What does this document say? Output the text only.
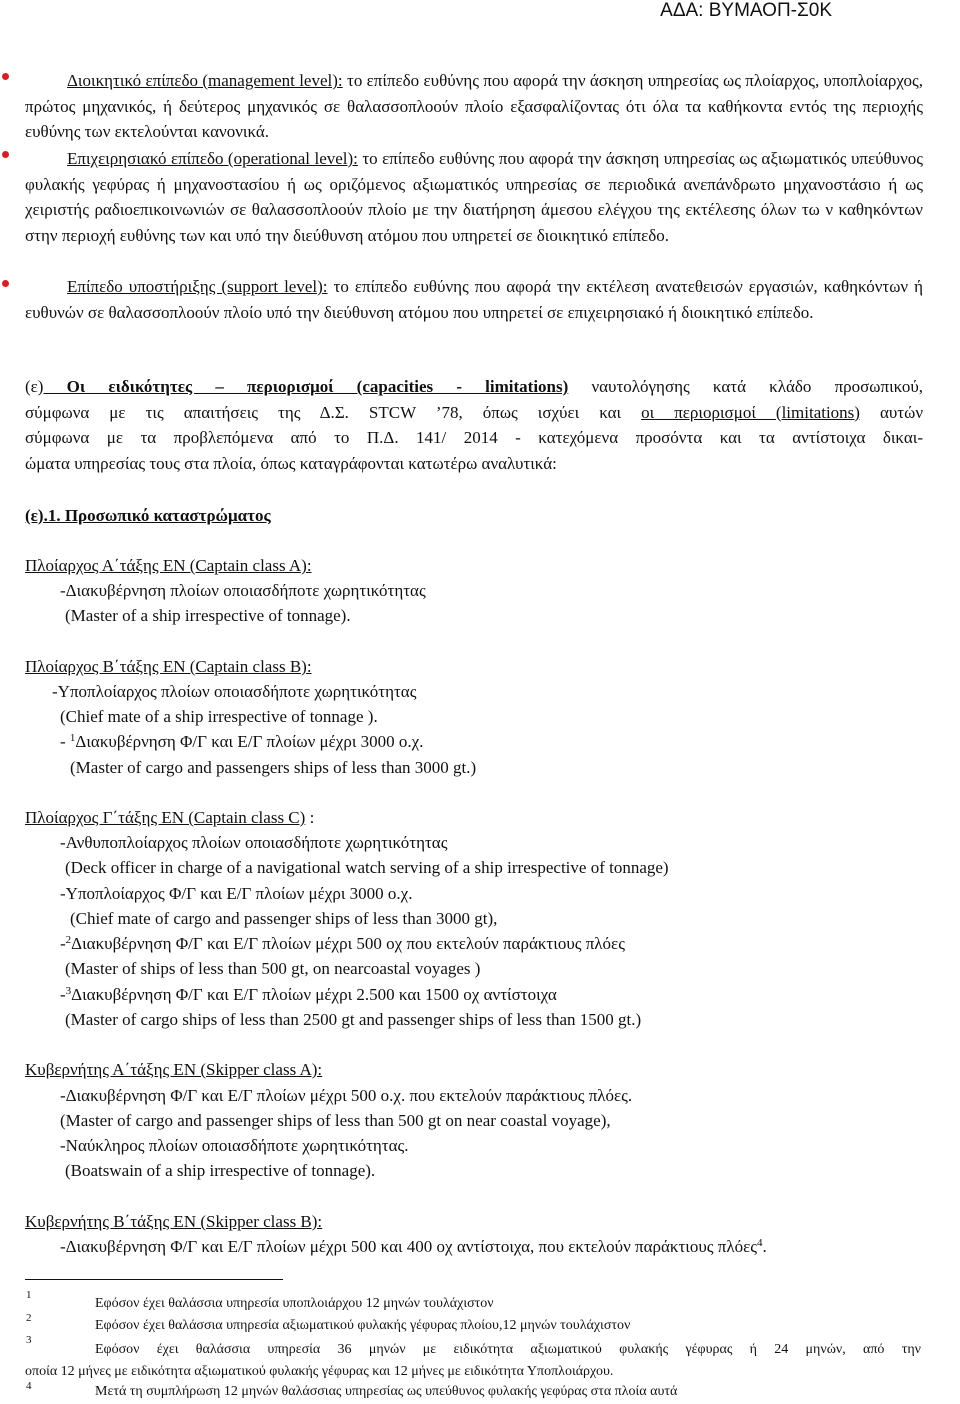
ΑΔΑ: ΒΥΜΑΟΠ-Σ0Κ
Διοικητικό επίπεδο (management level): το επίπεδο ευθύνης που αφορά την άσκηση υπηρεσίας ως πλοίαρχος, υποπλοίαρχος, πρώτος μηχανικός, ή δεύτερος μηχανικός σε θαλασσοπλοούν πλοίο εξασφαλίζοντας ότι όλα τα καθήκοντα εντός της περιοχής ευθύνης των εκτελούνται κανονικά.
Επιχειρησιακό επίπεδο (operational level): το επίπεδο ευθύνης που αφορά την άσκηση υπηρεσίας ως αξιωματικός υπεύθυνος φυλακής γεφύρας ή μηχανοστασίου ή ως οριζόμενος αξιωματικός υπηρεσίας σε περιοδικά ανεπάνδρωτο μηχανοστάσιο ή ως χειριστής ραδιοεπικοινωνιών σε θαλασσοπλοούν πλοίο με την διατήρηση άμεσου ελέγχου της εκτέλεσης όλων τω ν καθηκόντων στην περιοχή ευθύνης των και υπό την διεύθυνση ατόμου που υπηρετεί σε διοικητικό επίπεδο.
Επίπεδο υποστήριξης (support level): το επίπεδο ευθύνης που αφορά την εκτέλεση ανατεθεισών εργασιών, καθηκόντων ή ευθυνών σε θαλασσοπλοούν πλοίο υπό την διεύθυνση ατόμου που υπηρετεί σε επιχειρησιακό ή διοικητικό επίπεδο.
(ε) Οι ειδικότητες – περιορισμοί (capacities - limitations) ναυτολόγησης κατά κλάδο προσωπικού,
σύμφωνα με τις απαιτήσεις της Δ.Σ. STCW ’78, όπως ισχύει και οι περιορισμοί (limitations) αυτών
σύμφωνα με τα προβλεπόμενα από το Π.Δ. 141/ 2014 - κατεχόμενα προσόντα και τα αντίστοιχα δικαι-
ώματα υπηρεσίας τους στα πλοία, όπως καταγράφονται κατωτέρω αναλυτικά:
(ε).1. Προσωπικό καταστρώματος
Πλοίαρχος Α΄τάξης ΕΝ (Captain class A):
-Διακυβέρνηση πλοίων οποιασδήποτε χωρητικότητας
(Master of a ship irrespective of tonnage).
Πλοίαρχος Β΄τάξης ΕΝ (Captain class B):
-Υποπλοίαρχος πλοίων οποιασδήποτε χωρητικότητας
(Chief mate of a ship irrespective of tonnage ).
- $^1$Διακυβέρνηση Φ/Γ και Ε/Γ πλοίων μέχρι 3000 ο.χ.
(Master of cargo and passengers ships of less than 3000 gt.)
Πλοίαρχος Γ΄τάξης ΕΝ (Captain class C) :
-Ανθυποπλοίαρχος πλοίων οποιασδήποτε χωρητικότητας
(Deck officer in charge of a navigational watch serving of a ship irrespective of tonnage)
-Υποπλοίαρχος Φ/Γ και Ε/Γ πλοίων μέχρι 3000 ο.χ.
(Chief mate of cargo and passenger ships of less than 3000 gt),
-$^2$Διακυβέρνηση Φ/Γ και Ε/Γ πλοίων μέχρι 500 οχ που εκτελούν παράκτιους πλόες
(Master of ships of less than 500 gt, on nearcoastal voyages )
-$^3$Διακυβέρνηση Φ/Γ και Ε/Γ πλοίων μέχρι 2.500 και 1500 οχ αντίστοιχα
(Master of cargo ships of less than 2500 gt and passenger ships of less than 1500 gt.)
Κυβερνήτης Α΄τάξης ΕΝ (Skipper class A):
-Διακυβέρνηση Φ/Γ και Ε/Γ πλοίων μέχρι 500 ο.χ. που εκτελούν παράκτιους πλόες.
(Master of cargo and passenger ships of less than 500 gt on near coastal voyage),
-Ναύκληρος πλοίων οποιασδήποτε χωρητικότητας.
(Boatswain of a ship irrespective of tonnage).
Κυβερνήτης Β΄τάξης ΕΝ (Skipper class B):
-Διακυβέρνηση Φ/Γ και Ε/Γ πλοίων μέχρι 500 και 400 οχ αντίστοιχα, που εκτελούν παράκτιους πλόες$^4$.
1
Εφόσον έχει θαλάσσια υπηρεσία υποπλοιάρχου 12 μηνών τουλάχιστον
2	Εφόσον έχει θαλάσσια υπηρεσία αξιωματικού φυλακής γέφυρας πλοίου,12 μηνών τουλάχιστον
3
Εφόσον έχει θαλάσσια υπηρεσία 36 μηνών με ειδικότητα αξιωματικού φυλακής γέφυρας ή 24 μηνών, από την
οποία 12 μήνες με ειδικότητα αξιωματικού φυλακής γέφυρας και 12 μήνες με ειδικότητα Υποπλοιάρχου.
4	Μετά τη συμπλήρωση 12 μηνών θαλάσσιας υπηρεσίας ως υπεύθυνος φυλακής γεφύρας στα πλοία αυτά
